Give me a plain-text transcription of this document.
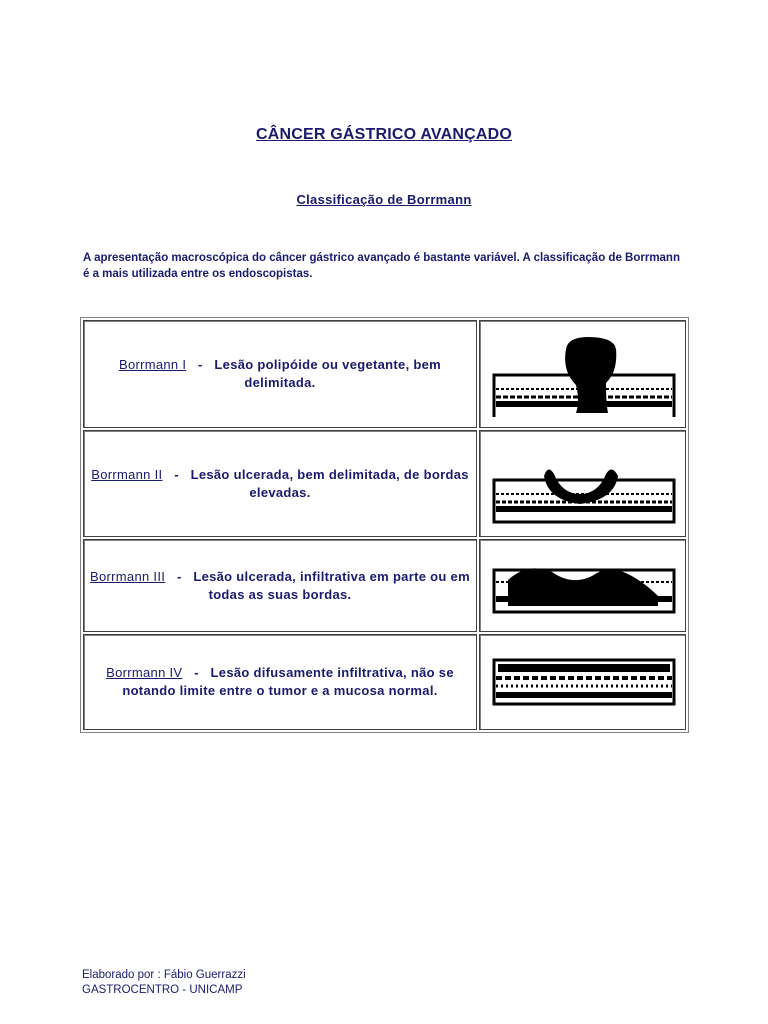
CÂNCER GÁSTRICO AVANÇADO
Classificação de Borrmann
A apresentação macroscópica do câncer gástrico avançado é bastante variável. A classificação de Borrmann é a mais utilizada entre os endoscopistas.
Borrmann I - Lesão polipóide ou vegetante, bem delimitada.	

Borrmann II - Lesão ulcerada, bem delimitada, de bordas elevadas.	

Borrmann III - Lesão ulcerada, infiltrativa em parte ou em todas as suas bordas.	

Borrmann IV - Lesão difusamente infiltrativa, não se notando limite entre o tumor e a mucosa normal.	
Elaborado por : Fábio Guerrazzi
GASTROCENTRO - UNICAMP
